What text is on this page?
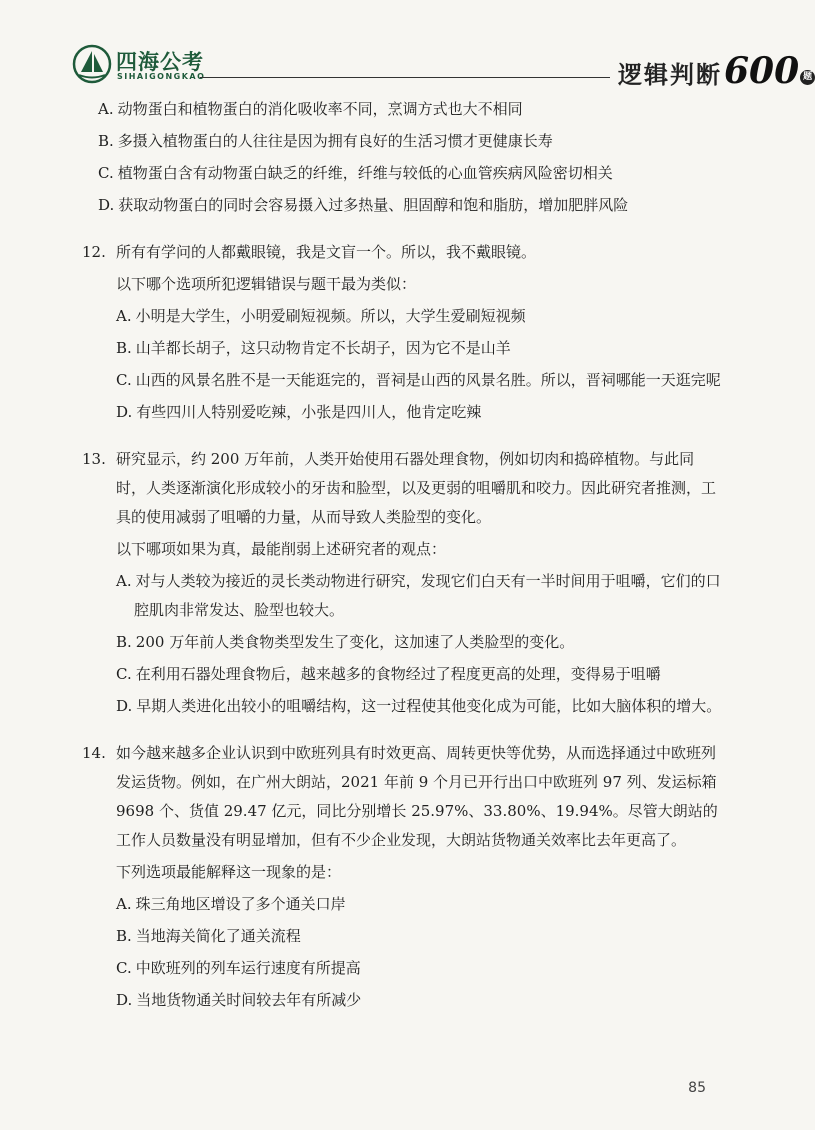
四海公考
SIHAIGONGKAO	逻辑判断600 题
A. 动物蛋白和植物蛋白的消化吸收率不同，烹调方式也大不相同
B. 多摄入植物蛋白的人往往是因为拥有良好的生活习惯才更健康长寿
C. 植物蛋白含有动物蛋白缺乏的纤维，纤维与较低的心血管疾病风险密切相关
D. 获取动物蛋白的同时会容易摄入过多热量、胆固醇和饱和脂肪，增加肥胖风险
12. 所有有学问的人都戴眼镜，我是文盲一个。所以，我不戴眼镜。
以下哪个选项所犯逻辑错误与题干最为类似：
A. 小明是大学生，小明爱刷短视频。所以，大学生爱刷短视频
B. 山羊都长胡子，这只动物肯定不长胡子，因为它不是山羊
C. 山西的风景名胜不是一天能逛完的，晋祠是山西的风景名胜。所以，晋祠哪能一天逛完呢
D. 有些四川人特别爱吃辣，小张是四川人，他肯定吃辣
13. 研究显示，约 200 万年前，人类开始使用石器处理食物，例如切肉和捣碎植物。与此同时，人类逐渐演化形成较小的牙齿和脸型，以及更弱的咀嚼肌和咬力。因此研究者推测，工具的使用减弱了咀嚼的力量，从而导致人类脸型的变化。
以下哪项如果为真，最能削弱上述研究者的观点：
A. 对与人类较为接近的灵长类动物进行研究，发现它们白天有一半时间用于咀嚼，它们的口腔肌肉非常发达、脸型也较大。
B. 200 万年前人类食物类型发生了变化，这加速了人类脸型的变化。
C. 在利用石器处理食物后，越来越多的食物经过了程度更高的处理，变得易于咀嚼
D. 早期人类进化出较小的咀嚼结构，这一过程使其他变化成为可能，比如大脑体积的增大。
14. 如今越来越多企业认识到中欧班列具有时效更高、周转更快等优势，从而选择通过中欧班列发运货物。例如，在广州大朗站，2021 年前 9 个月已开行出口中欧班列 97 列、发运标箱 9698 个、货值 29.47 亿元，同比分别增长 25.97%、33.80%、19.94%。尽管大朗站的工作人员数量没有明显增加，但有不少企业发现，大朗站货物通关效率比去年更高了。
下列选项最能解释这一现象的是：
A. 珠三角地区增设了多个通关口岸
B. 当地海关简化了通关流程
C. 中欧班列的列车运行速度有所提高
D. 当地货物通关时间较去年有所减少
85
